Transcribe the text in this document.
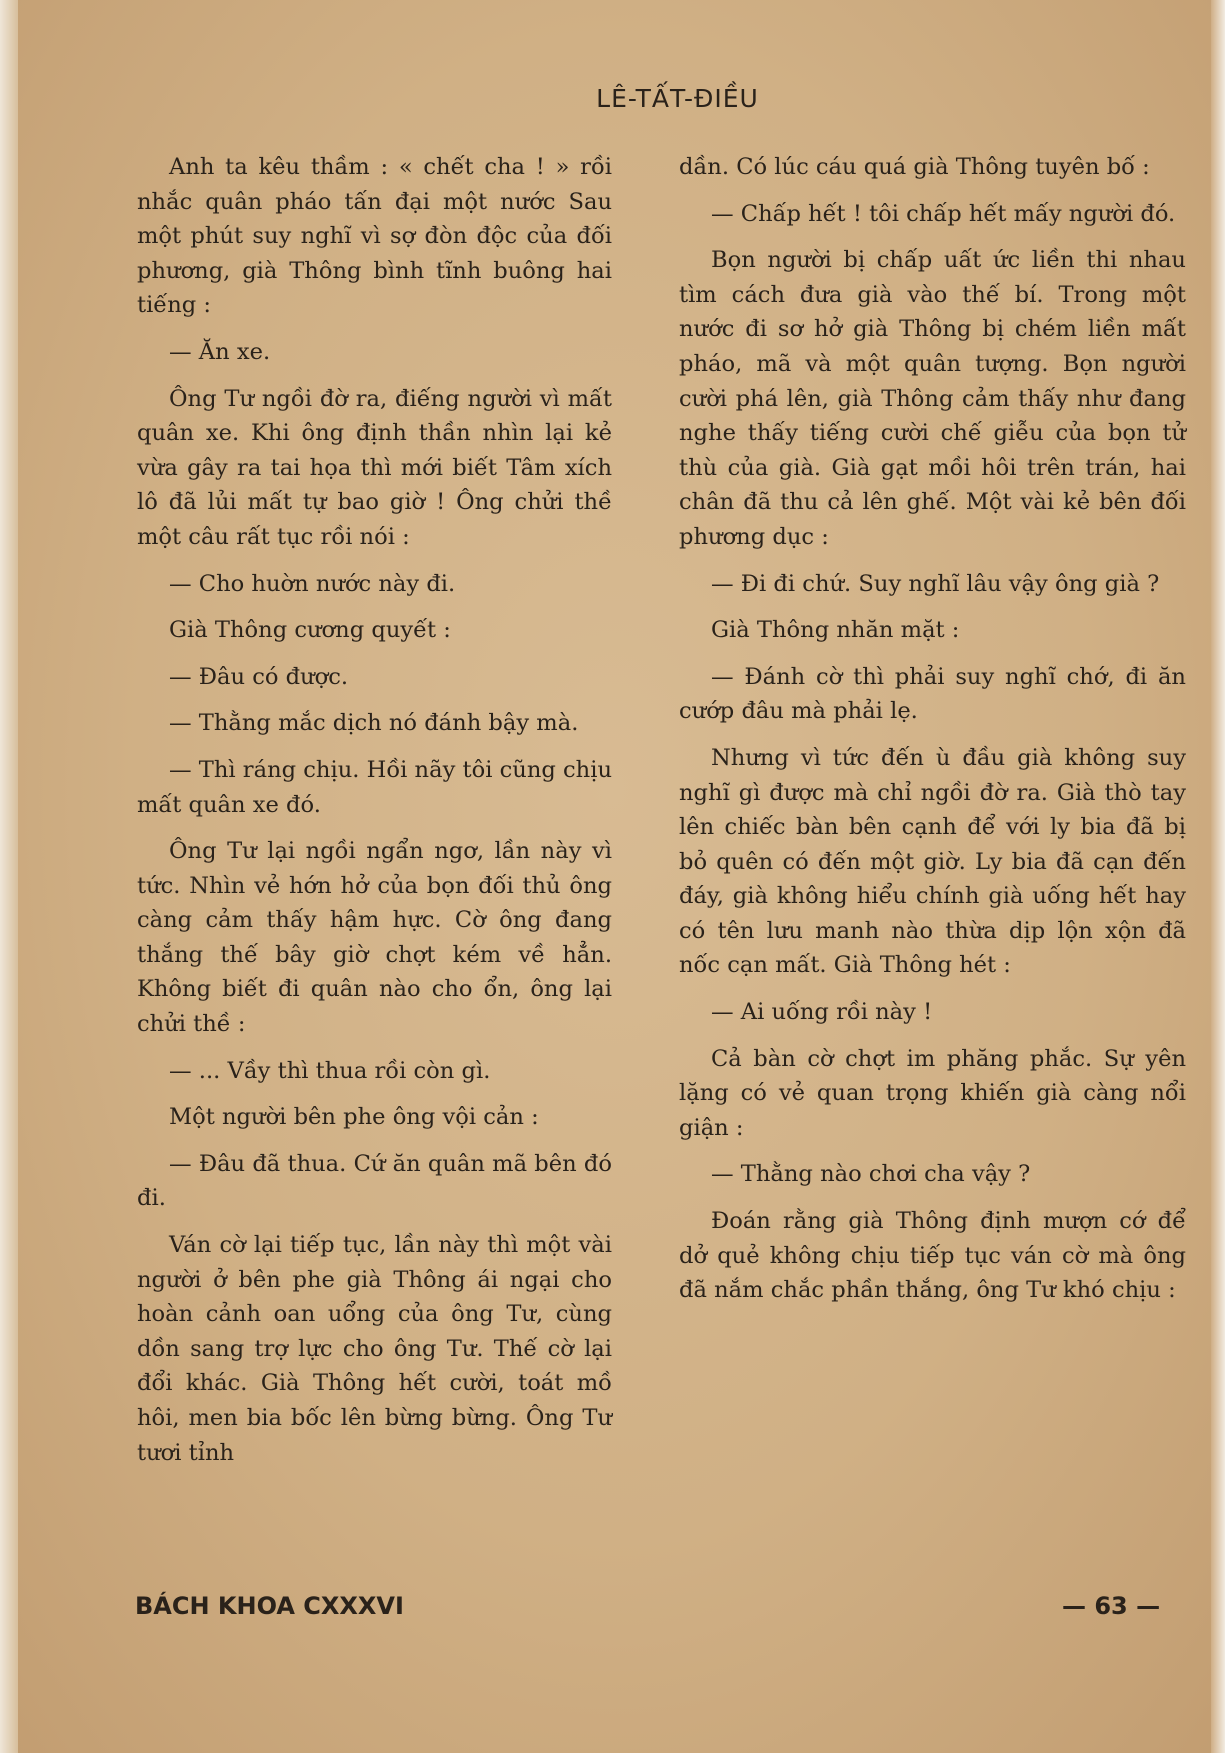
LÊ-TẤT-ĐIỀU

Anh ta kêu thầm : « chết cha ! » rồi nhắc quân pháo tấn đại một nước Sau một phút suy nghĩ vì sợ đòn độc của đối phương, già Thông bình tĩnh buông hai tiếng :

— Ăn xe.

Ông Tư ngồi đờ ra, điếng người vì mất quân xe. Khi ông định thần nhìn lại kẻ vừa gây ra tai họa thì mới biết Tâm xích lô đã lủi mất tự bao giờ ! Ông chửi thề một câu rất tục rồi nói :

— Cho huờn nước này đi.

Già Thông cương quyết :

— Đâu có được.

— Thằng mắc dịch nó đánh bậy mà.

— Thì ráng chịu. Hồi nãy tôi cũng chịu mất quân xe đó.

Ông Tư lại ngồi ngẩn ngơ, lần này vì tức. Nhìn vẻ hớn hở của bọn đối thủ ông càng cảm thấy hậm hực. Cờ ông đang thắng thế bây giờ chợt kém về hẳn. Không biết đi quân nào cho ổn, ông lại chửi thề :

— ... Vầy thì thua rồi còn gì.

Một người bên phe ông vội cản :

— Đâu đã thua. Cứ ăn quân mã bên đó đi.

Ván cờ lại tiếp tục, lần này thì một vài người ở bên phe già Thông ái ngại cho hoàn cảnh oan uổng của ông Tư, cùng dồn sang trợ lực cho ông Tư. Thế cờ lại đổi khác. Già Thông hết cười, toát mồ hôi, men bia bốc lên bừng bừng. Ông Tư tươi tỉnh

dần. Có lúc cáu quá già Thông tuyên bố :

— Chấp hết ! tôi chấp hết mấy người đó.

Bọn người bị chấp uất ức liền thi nhau tìm cách đưa già vào thế bí. Trong một nước đi sơ hở già Thông bị chém liền mất pháo, mã và một quân tượng. Bọn người cười phá lên, già Thông cảm thấy như đang nghe thấy tiếng cười chế giễu của bọn tử thù của già. Già gạt mồi hôi trên trán, hai chân đã thu cả lên ghế. Một vài kẻ bên đối phương dục :

— Đi đi chứ. Suy nghĩ lâu vậy ông già ?

Già Thông nhăn mặt :

— Đánh cờ thì phải suy nghĩ chớ, đi ăn cướp đâu mà phải lẹ.

Nhưng vì tức đến ù đầu già không suy nghĩ gì được mà chỉ ngồi đờ ra. Già thò tay lên chiếc bàn bên cạnh để với ly bia đã bị bỏ quên có đến một giờ. Ly bia đã cạn đến đáy, già không hiểu chính già uống hết hay có tên lưu manh nào thừa dịp lộn xộn đã nốc cạn mất. Già Thông hét :

— Ai uống rồi này !

Cả bàn cờ chợt im phăng phắc. Sự yên lặng có vẻ quan trọng khiến già càng nổi giận :

— Thằng nào chơi cha vậy ?

Đoán rằng già Thông định mượn cớ để dở quẻ không chịu tiếp tục ván cờ mà ông đã nắm chắc phần thắng, ông Tư khó chịu :

BÁCH KHOA CXXXVI	— 63 —
